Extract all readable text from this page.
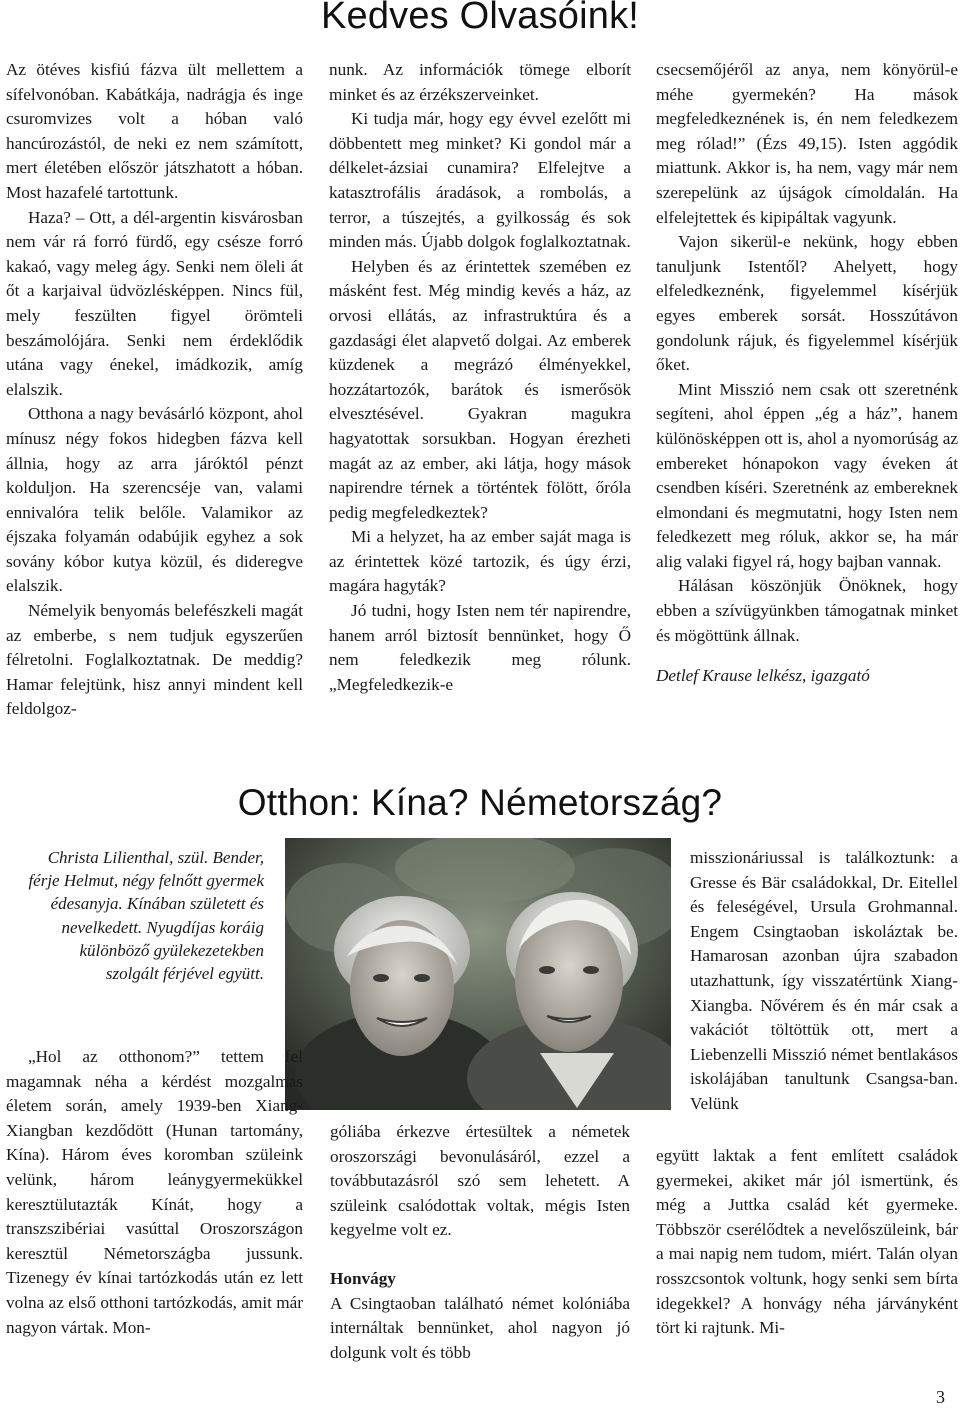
Kedves Olvasóink!

Az ötéves kisfiú fázva ült mellettem a sífelvonóban. Kabátkája, nadrágja és inge csuromvizes volt a hóban való hancúrozástól, de neki ez nem számított, mert életében először játszhatott a hóban. Most hazafelé tartottunk.

Haza? – Ott, a dél-argentin kisvárosban nem vár rá forró fürdő, egy csésze forró kakaó, vagy meleg ágy. Senki nem öleli át őt a karjaival üdvözlésképpen. Nincs fül, mely feszülten figyel örömteli beszámolójára. Senki nem érdeklődik utána vagy énekel, imádkozik, amíg elalszik.

Otthona a nagy bevásárló központ, ahol mínusz négy fokos hidegben fázva kell állnia, hogy az arra járóktól pénzt kolduljon. Ha szerencséje van, valami ennivalóra telik belőle. Valamikor az éjszaka folyamán odabújik egyhez a sok sovány kóbor kutya közül, és dideregve elalszik.

Némelyik benyomás belefészkeli magát az emberbe, s nem tudjuk egyszerűen félretolni. Foglalkoztatnak. De meddig? Hamar felejtünk, hisz annyi mindent kell feldolgoz-

nunk. Az információk tömege elborít minket és az érzékszerveinket.

Ki tudja már, hogy egy évvel ezelőtt mi döbbentett meg minket? Ki gondol már a délkelet-ázsiai cunamira? Elfelejtve a katasztrofális áradások, a rombolás, a terror, a túszejtés, a gyilkosság és sok minden más. Újabb dolgok foglalkoztatnak.

Helyben és az érintettek szemében ez másként fest. Még mindig kevés a ház, az orvosi ellátás, az infrastruktúra és a gazdasági élet alapvető dolgai. Az emberek küzdenek a megrázó élményekkel, hozzátartozók, barátok és ismerősök elvesztésével. Gyakran magukra hagyatottak sorsukban. Hogyan érezheti magát az az ember, aki látja, hogy mások napirendre térnek a történtek fölött, őróla pedig megfeledkeztek?

Mi a helyzet, ha az ember saját maga is az érintettek közé tartozik, és úgy érzi, magára hagyták?

Jó tudni, hogy Isten nem tér napirendre, hanem arról biztosít bennünket, hogy Ő nem feledkezik meg rólunk. „Megfeledkezik-e

csecsemőjéről az anya, nem könyörül-e méhe gyermekén? Ha mások megfeledkeznének is, én nem feledkezem meg rólad!” (Ézs 49,15). Isten aggódik miattunk. Akkor is, ha nem, vagy már nem szerepelünk az újságok címoldalán. Ha elfelejtettek és kipipáltak vagyunk.

Vajon sikerül-e nekünk, hogy ebben tanuljunk Istentől? Ahelyett, hogy elfeledkeznénk, figyelemmel kísérjük egyes emberek sorsát. Hosszútávon gondolunk rájuk, és figyelemmel kísérjük őket.

Mint Misszió nem csak ott szeretnénk segíteni, ahol éppen „ég a ház”, hanem különösképpen ott is, ahol a nyomorúság az embereket hónapokon vagy éveken át csendben kíséri. Szeretnénk az embereknek elmondani és megmutatni, hogy Isten nem feledkezett meg róluk, akkor se, ha már alig valaki figyel rá, hogy bajban vannak.

Hálásan köszönjük Önöknek, hogy ebben a szívügyünkben támogatnak minket és mögöttünk állnak.

Detlef Krause lelkész, igazgató

Otthon: Kína? Németország?
Christa Lilienthal, szül. Bender, férje Helmut, négy felnőtt gyermek édesanyja. Kínában született és nevelkedett. Nyugdíjas koráig különböző gyülekezetekben szolgált férjével együtt.

„Hol az otthonom?” tettem fel magamnak néha a kérdést mozgalmas életem során, amely 1939-ben Xiang-Xiangban kezdődött (Hunan tartomány, Kína). Három éves koromban szüleink velünk, három leánygyermekükkel keresztülutazták Kínát, hogy a transzszibériai vasúttal Oroszországon keresztül Németországba jussunk. Tizenegy év kínai tartózkodás után ez lett volna az első otthoni tartózkodás, amit már nagyon vártak. Mon-

góliába érkezve értesültek a németek oroszországi bevonulásáról, ezzel a továbbutazásról szó sem lehetett. A szüleink csalódottak voltak, mégis Isten kegyelme volt ez.

Honvágy

A Csingtaoban található német kolóniába internáltak bennünket, ahol nagyon jó dolgunk volt és több

misszionáriussal is találkoztunk: a Gresse és Bär családokkal, Dr. Eitellel és feleségével, Ursula Grohmannal. Engem Csingtaoban iskoláztak be. Hamarosan azonban újra szabadon utazhattunk, így visszatértünk Xiang-Xiangba. Nővérem és én már csak a vakációt töltöttük ott, mert a Liebenzelli Misszió német bentlakásos iskolájában tanultunk Csangsa-ban. Velünk

együtt laktak a fent említett családok gyermekei, akiket már jól ismertünk, és még a Juttka család két gyermeke. Többször cserélődtek a nevelőszüleink, bár a mai napig nem tudom, miért. Talán olyan rosszcsontok voltunk, hogy senki sem bírta idegekkel? A honvágy néha járványként tört ki rajtunk. Mi-

3
